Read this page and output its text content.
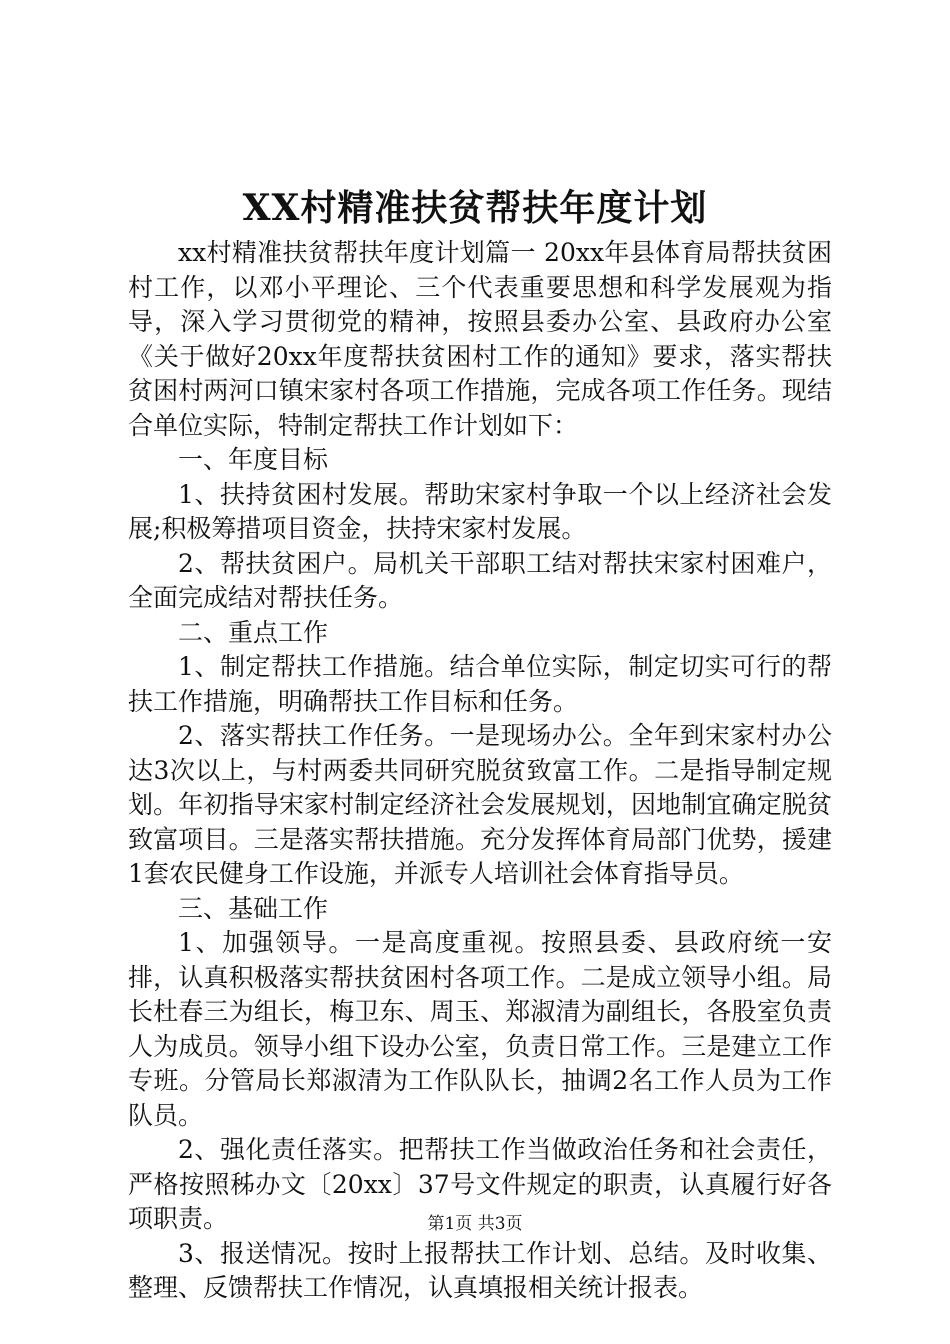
XX村精准扶贫帮扶年度计划

xx村精准扶贫帮扶年度计划篇一 20xx年县体育局帮扶贫困村工作，以邓小平理论、三个代表重要思想和科学发展观为指导，深入学习贯彻党的精神，按照县委办公室、县政府办公室《关于做好20xx年度帮扶贫困村工作的通知》要求，落实帮扶贫困村两河口镇宋家村各项工作措施，完成各项工作任务。现结合单位实际，特制定帮扶工作计划如下：

一、年度目标

1、扶持贫困村发展。帮助宋家村争取一个以上经济社会发展;积极筹措项目资金，扶持宋家村发展。

2、帮扶贫困户。局机关干部职工结对帮扶宋家村困难户，全面完成结对帮扶任务。

二、重点工作

1、制定帮扶工作措施。结合单位实际，制定切实可行的帮扶工作措施，明确帮扶工作目标和任务。

2、落实帮扶工作任务。一是现场办公。全年到宋家村办公达3次以上，与村两委共同研究脱贫致富工作。二是指导制定规划。年初指导宋家村制定经济社会发展规划，因地制宜确定脱贫致富项目。三是落实帮扶措施。充分发挥体育局部门优势，援建1套农民健身工作设施，并派专人培训社会体育指导员。

三、基础工作

1、加强领导。一是高度重视。按照县委、县政府统一安排，认真积极落实帮扶贫困村各项工作。二是成立领导小组。局长杜春三为组长，梅卫东、周玉、郑淑清为副组长，各股室负责人为成员。领导小组下设办公室，负责日常工作。三是建立工作专班。分管局长郑淑清为工作队队长，抽调2名工作人员为工作队员。

2、强化责任落实。把帮扶工作当做政治任务和社会责任，严格按照秭办文〔20xx〕37号文件规定的职责，认真履行好各项职责。

3、报送情况。按时上报帮扶工作计划、总结。及时收集、整理、反馈帮扶工作情况，认真填报相关统计报表。

第1页 共3页
